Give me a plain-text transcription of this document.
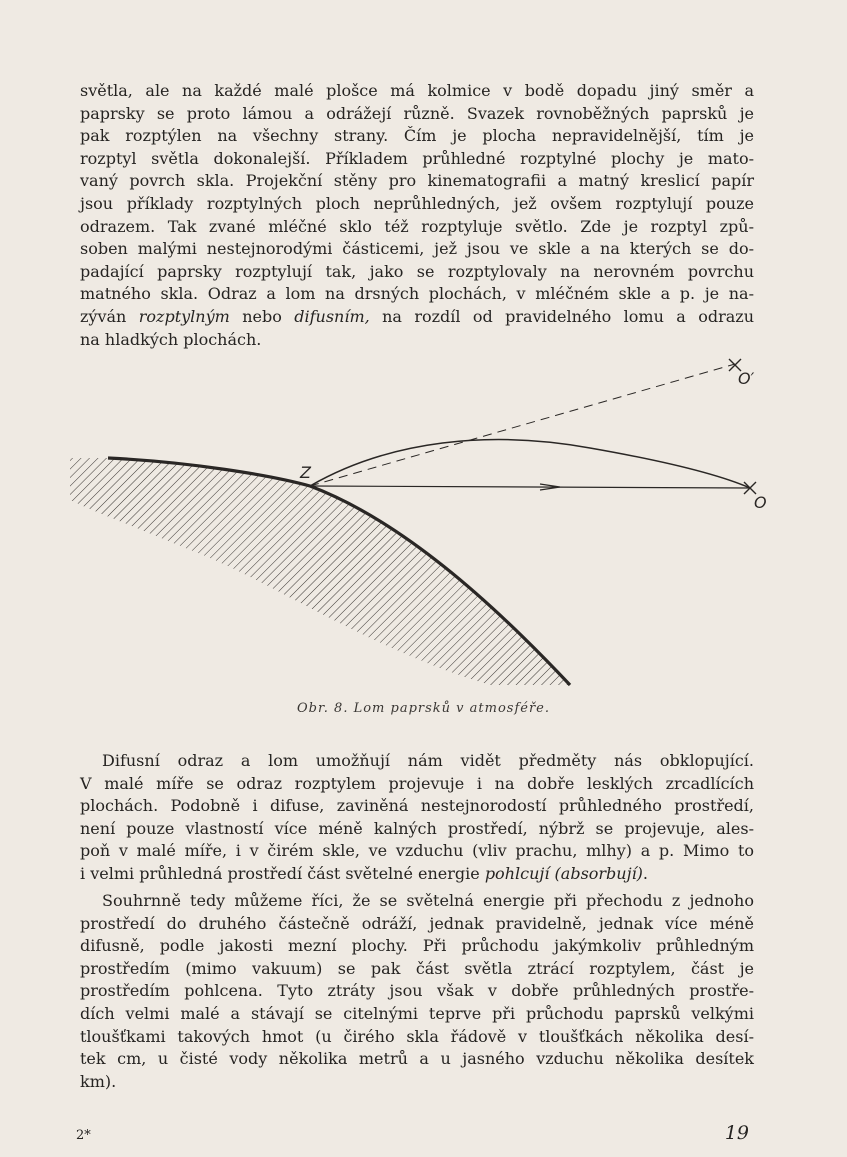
světla, ale na každé malé plošce má kolmice v bodě dopadu jiný směr a
paprsky se proto lámou a odrážejí různě. Svazek rovnoběžných paprsků je
pak rozptýlen na všechny strany. Čím je plocha nepravidelnější, tím je
rozptyl světla dokonalejší. Příkladem průhledné rozptylné plochy je mato-
vaný povrch skla. Projekční stěny pro kinematografii a matný kreslicí papír
jsou příklady rozptylných ploch neprůhledných, jež ovšem rozptylují pouze
odrazem. Tak zvané mléčné sklo též rozptyluje světlo. Zde je rozptyl způ-
soben malými nestejnorodými částicemi, jež jsou ve skle a na kterých se do-
padající paprsky rozptylují tak, jako se rozptylovaly na nerovném povrchu
matného skla. Odraz a lom na drsných plochách, v mléčném skle a p. je na-
zýván rozptylným nebo difusním, na rozdíl od pravidelného lomu a odrazu
na hladkých plochách.
Z
O
O′
Obr. 8. Lom paprsků v atmosféře.
Difusní odraz a lom umožňují nám vidět předměty nás obklopující.
V malé míře se odraz rozptylem projevuje i na dobře lesklých zrcadlících
plochách. Podobně i difuse, zaviněná nestejnorodostí průhledného prostředí,
není pouze vlastností více méně kalných prostředí, nýbrž se projevuje, ales-
poň v malé míře, i v čirém skle, ve vzduchu (vliv prachu, mlhy) a p. Mimo to
i velmi průhledná prostředí část světelné energie pohlcují (absorbují).
Souhrnně tedy můžeme říci, že se světelná energie při přechodu z jednoho
prostředí do druhého částečně odráží, jednak pravidelně, jednak více méně
difusně, podle jakosti mezní plochy. Při průchodu jakýmkoliv průhledným
prostředím (mimo vakuum) se pak část světla ztrácí rozptylem, část je
prostředím pohlcena. Tyto ztráty jsou však v dobře průhledných prostře-
dích velmi malé a stávají se citelnými teprve při průchodu paprsků velkými
tloušťkami takových hmot (u čirého skla řádově v tloušťkách několika desí-
tek cm, u čisté vody několika metrů a u jasného vzduchu několika desítek
km).
2*	19
